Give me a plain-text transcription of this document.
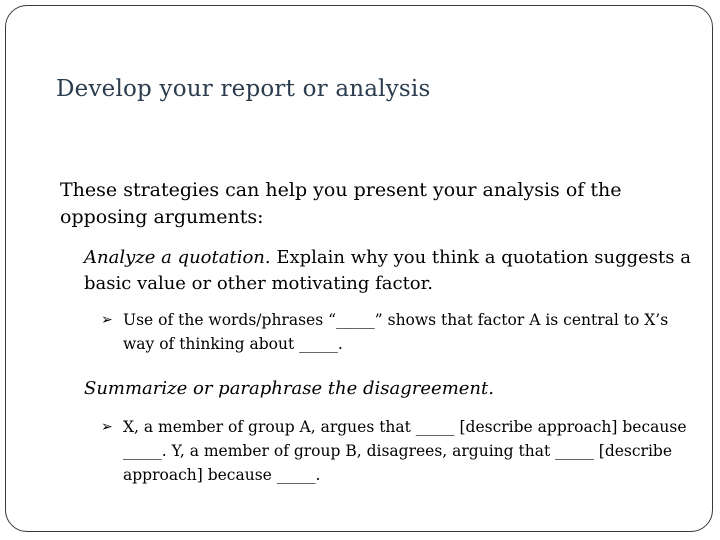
Develop your report or analysis
These strategies can help you present your analysis of the opposing arguments:
Analyze a quotation. Explain why you think a quotation suggests a basic value or other motivating factor.
➢ Use of the words/phrases “_____” shows that factor A is central to X’s way of thinking about _____.
Summarize or paraphrase the disagreement.
➢ X, a member of group A, argues that _____ [describe approach] because _____. Y, a member of group B, disagrees, arguing that _____ [describe approach] because _____.
